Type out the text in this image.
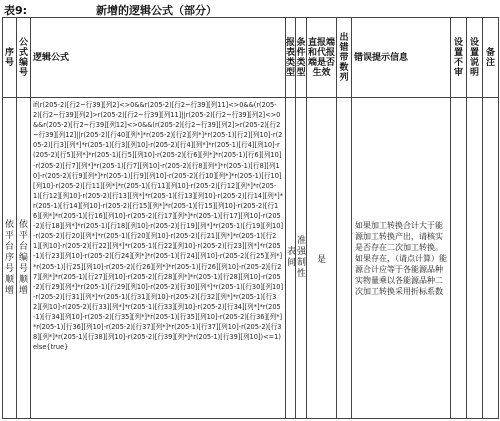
表9:	新增的逻辑公式（部分）
序号	公式编号	逻辑公式	报表类型	条件类型	直报端和代报端是否生效	出错带数列	错误提示信息	设置不审	设置说明	备注
依平台序号顺增	依平台编号顺增	if(r(205-2)[行2~行39][列2]<>0&&r(205-2)[行2~行39][列11]<>0&&(r(205-2)[行2~行39][列2]>r(205-2)[行2~行39][列11]||r(205-2)[行2~行39][列2]<>0&&r(205-2)[行2~行39][列12]<>0&&(r(205-2)[行2~行39][列2]>r(205-2)[行2~行39][列12]||r(205-2)[行40][列*]*r(205-2)[行2][列*]*r(205-1)[行2][列10]-r(205-2)[行3][列*]*r(205-1)[行3][列10]-r(205-2)[行4][列*]*r(205-1)[行4][列10]-r(205-2)[行5][列*]*r(205-1)[行5][列10]-r(205-2)[行6][列*]*r(205-1)[行6][列10]-r(205-2)[行7][列*]*r(205-1)[行7][列10]-r(205-2)[行8][列*]*r(205-1)[行8][列10]-r(205-2)[行9][列*]*r(205-1)[行9][列10]-r(205-2)[行10][列*]*r(205-1)[行10][列10]-r(205-2)[行11][列*]*r(205-1)[行11][列10]-r(205-2)[行12][列*]*r(205-1)[行12][列10]-r(205-2)[行13][列*]*r(205-1)[行13][列10]-r(205-2)[行14][列*]*r(205-1)[行14][列10]-r(205-2)[行15][列*]*r(205-1)[行15][列10]-r(205-2)[行16][列*]*r(205-1)[行16][列10]-r(205-2)[行17][列*]*r(205-1)[行17][列10]-r(205-2)[行18][列*]*r(205-1)[行18][列10]-r(205-2)[行19][列*]*r(205-1)[行19][列10]-r(205-2)[行20][列*]*r(205-1)[行20][列10]-r(205-2)[行21][列*]*r(205-1)[行21][列10]-r(205-2)[行22][列*]*r(205-1)[行22][列10]-r(205-2)[行23][列*]*r(205-1)[行23][列10]-r(205-2)[行24][列*]*r(205-1)[行24][列10]-r(205-2)[行25][列*]*r(205-1)[行25][列10]-r(205-2)[行26][列*]*r(205-1)[行26][列10]-r(205-2)[行27][列*]*r(205-1)[行27][列10]-r(205-2)[行28][列*]*r(205-1)[行28][列10]-r(205-2)[行29][列*]*r(205-1)[行29][列10]-r(205-2)[行30][列*]*r(205-1)[行30][列10]-r(205-2)[行31][列*]*r(205-1)[行31][列10]-r(205-2)[行32][列*]*r(205-1)[行32][列10]-r(205-2)[行33][列*]*r(205-1)[行33][列10]-r(205-2)[行34][列*]*r(205-1)[行34][列10]-r(205-2)[行35][列*]*r(205-1)[行35][列10]-r(205-2)[行36][列*]*r(205-1)[行36][列10]-r(205-2)[行37][列*]*r(205-1)[行37][列10]-r(205-2)[行38][列*]*r(205-1)[行38][列10]-r(205-2)[行39][列*]*r(205-1)[行39][列10])<=1)else{true}	表间	准强制性	是		如果加工转换合计大于能源加工转换产出，请核实是否存在二次加工转换。如果存在，（请点计算）能源合计应等于各能源品种实物量乘以各能源品种二次加工转换采用折标系数			
